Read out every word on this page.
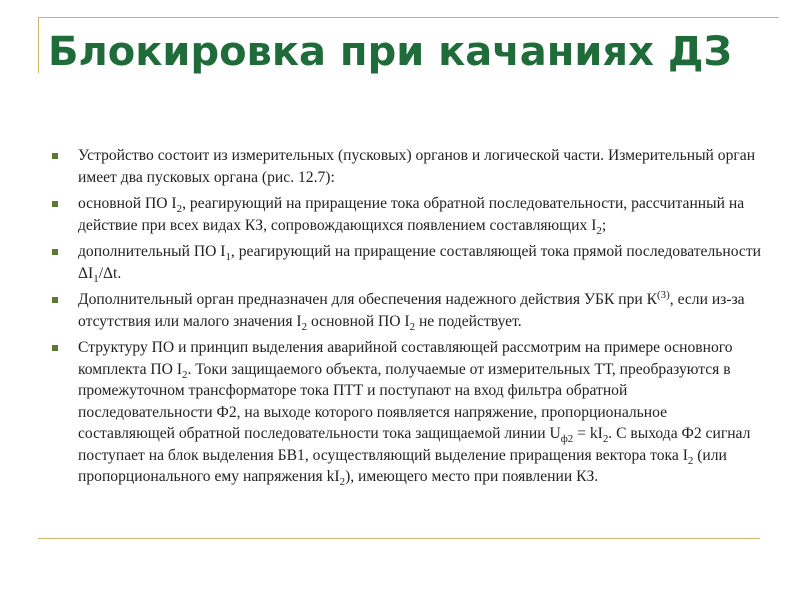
Блокировка при качаниях ДЗ
Устройство состоит из измерительных (пусковых) органов и логической части. Измерительный орган имеет два пусковых органа (рис. 12.7):
основной ПО $I_2$, реагирующий на приращение тока обратной последовательности, рассчитанный на действие при всех видах КЗ, сопровождающихся появлением составляющих $I_2$;
дополнительный ПО $I_1$, реагирующий на приращение составляющей тока прямой последовательности $\Delta I_1/\Delta t$.
Дополнительный орган предназначен для обеспечения надежного действия УБК при $К^{(3)}$, если из-за отсутствия или малого значения $I_2$ основной ПО $I_2$ не подействует.
Структуру ПО и принцип выделения аварийной составляющей рассмотрим на примере основного комплекта ПО $I_2$. Токи защищаемого объекта, получаемые от измерительных ТТ, преобразуются в промежуточном трансформаторе тока ПТТ и поступают на вход фильтра обратной последовательности Ф2, на выходе которого появляется напряжение, пропорциональное составляющей обратной последовательности тока защищаемой линии $U_{ф2} = kI_2$. С выхода Ф2 сигнал поступает на блок выделения БВ1, осуществляющий выделение приращения вектора тока $I_2$ (или пропорционального ему напряжения $kI_2$), имеющего место при появлении КЗ.
